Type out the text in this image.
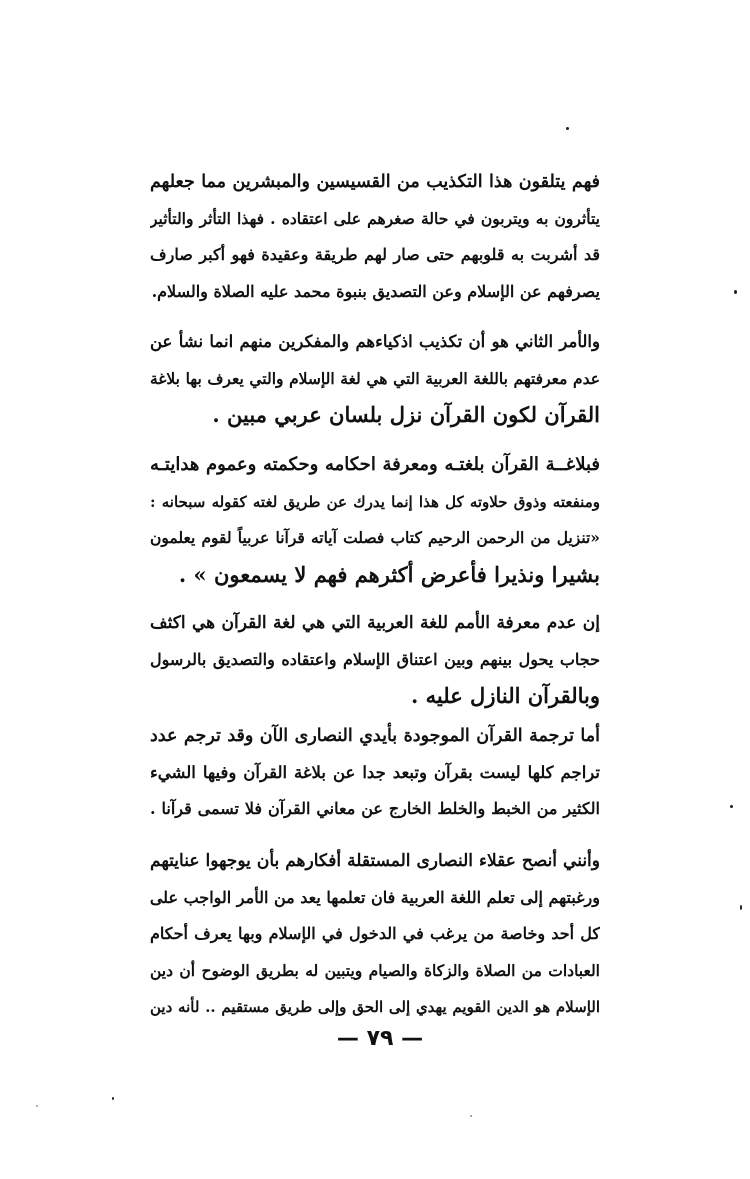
فهم يتلقون هذا التكذيب من القسيسين والمبشرين مما جعلهم
يتأثرون به ويتربون في حالة صغرهم على اعتقاده . فهذا التأثر والتأثير
قد أشربت به قلوبهم حتى صار لهم طريقة وعقيدة فهو أكبر صارف
يصرفهم عن الإسلام وعن التصديق بنبوة محمد عليه الصلاة والسلام.
والأمر الثاني هو أن تكذيب اذكياءهم والمفكرين منهم انما نشأ عن
عدم معرفتهم باللغة العربية التي هي لغة الإسلام والتي يعرف بها بلاغة
القرآن لكون القرآن نزل بلسان عربي مبين .
فبلاغــة القرآن بلغتـه ومعرفة احكامه وحكمته وعموم هدايتـه
ومنفعته وذوق حلاوته كل هذا إنما يدرك عن طريق لغته كقوله سبحانه :
«تنزيل من الرحمن الرحيم كتاب فصلت آياته قرآنا عربياً لقوم يعلمون
بشيرا ونذيرا فأعرض أكثرهم فهم لا يسمعون » .
إن عدم معرفة الأمم للغة العربية التي هي لغة القرآن هي اكثف
حجاب يحول بينهم وبين اعتناق الإسلام واعتقاده والتصديق بالرسول
وبالقرآن النازل عليه .
أما ترجمة القرآن الموجودة بأيدي النصارى الآن وقد ترجم عدد
تراجم كلها ليست بقرآن وتبعد جدا عن بلاغة القرآن وفيها الشيء
الكثير من الخبط والخلط الخارج عن معاني القرآن فلا تسمى قرآنا .
وأنني أنصح عقلاء النصارى المستقلة أفكارهم بأن يوجهوا عنايتهم
ورغبتهم إلى تعلم اللغة العربية فان تعلمها يعد من الأمر الواجب على
كل أحد وخاصة من يرغب في الدخول في الإسلام وبها يعرف أحكام
العبادات من الصلاة والزكاة والصيام ويتبين له بطريق الوضوح أن دين
الإسلام هو الدين القويم يهدي إلى الحق وإلى طريق مستقيم .. لأنه دين
— ٧٩ —
